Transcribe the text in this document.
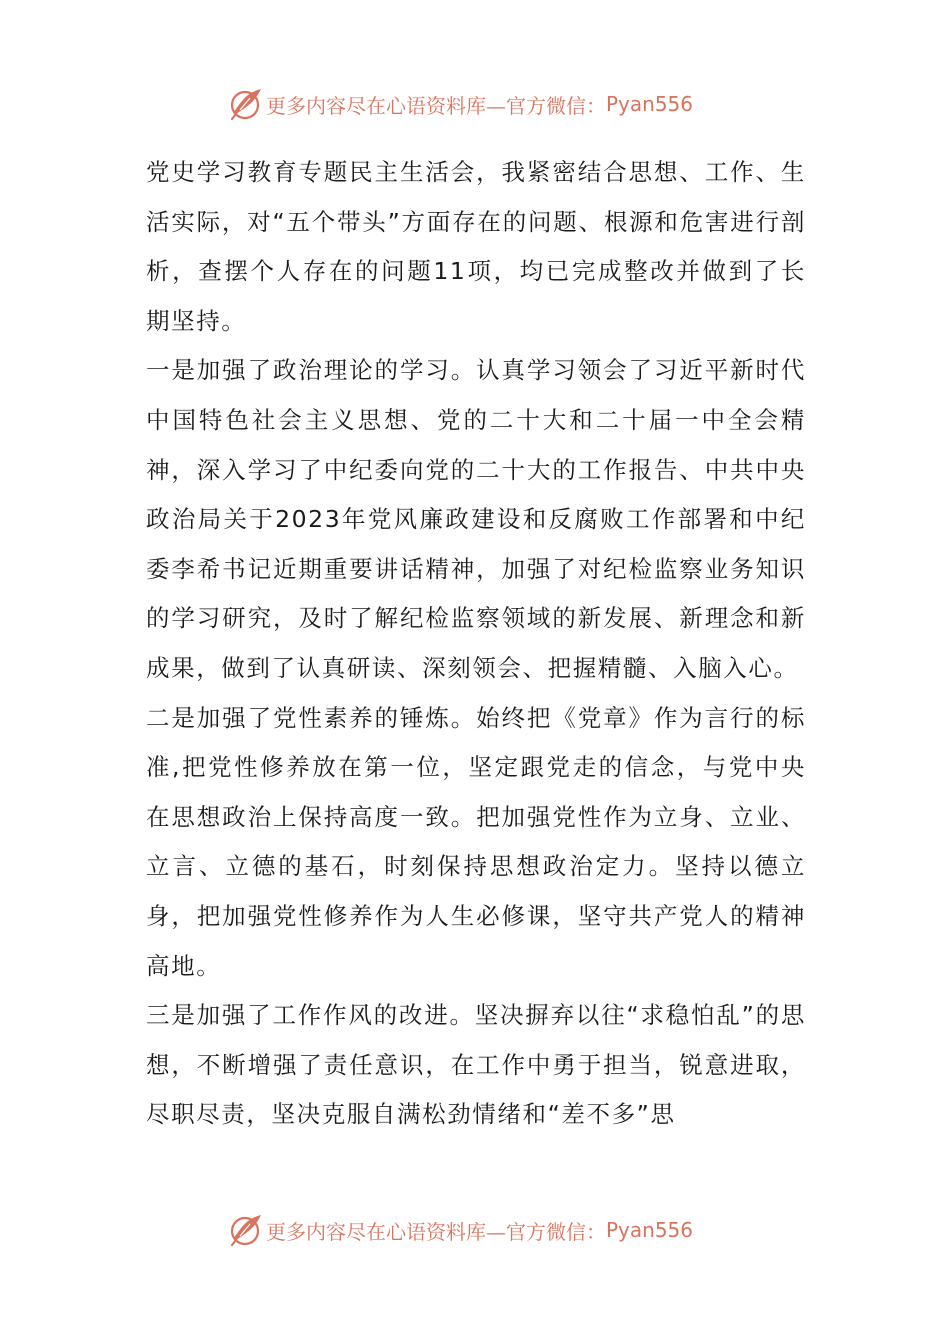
更多内容尽在心语资料库—官方微信： Pyan556

党史学习教育专题民主生活会，我紧密结合思想、工作、生活实际，对“五个带头”方面存在的问题、根源和危害进行剖析，查摆个人存在的问题11项，均已完成整改并做到了长期坚持。

一是加强了政治理论的学习。认真学习领会了习近平新时代中国特色社会主义思想、党的二十大和二十届一中全会精神，深入学习了中纪委向党的二十大的工作报告、中共中央政治局关于2023年党风廉政建设和反腐败工作部署和中纪委李希书记近期重要讲话精神，加强了对纪检监察业务知识的学习研究，及时了解纪检监察领域的新发展、新理念和新成果，做到了认真研读、深刻领会、把握精髓、入脑入心。

二是加强了党性素养的锤炼。始终把《党章》作为言行的标准,把党性修养放在第一位，坚定跟党走的信念，与党中央在思想政治上保持高度一致。把加强党性作为立身、立业、立言、立德的基石，时刻保持思想政治定力。坚持以德立身，把加强党性修养作为人生必修课，坚守共产党人的精神高地。

三是加强了工作作风的改进。坚决摒弃以往“求稳怕乱”的思想，不断增强了责任意识，在工作中勇于担当，锐意进取，尽职尽责，坚决克服自满松劲情绪和“差不多”思

更多内容尽在心语资料库—官方微信： Pyan556
